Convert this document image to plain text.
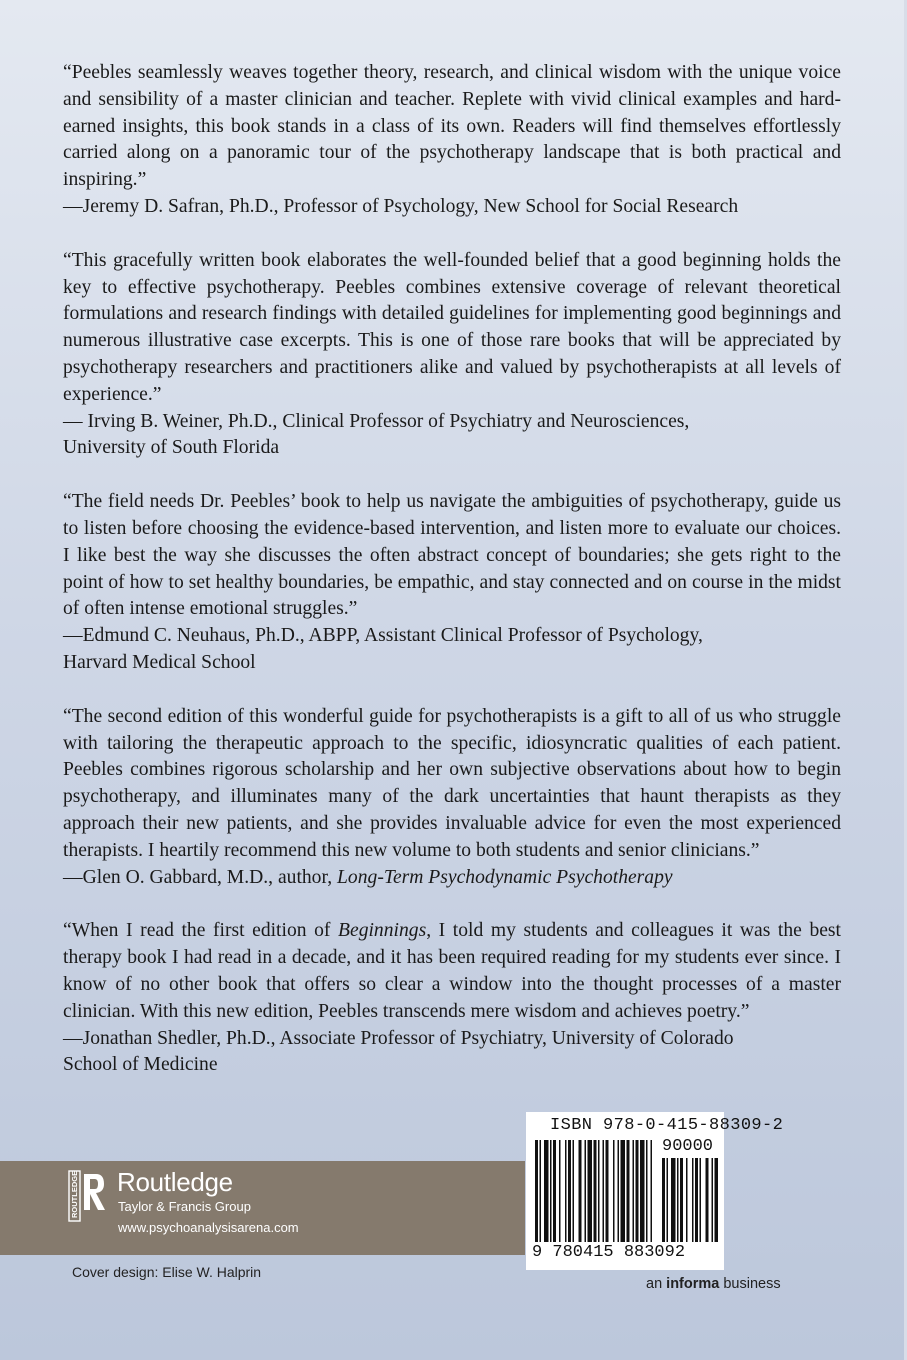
“Peebles seamlessly weaves together theory, research, and clinical wisdom with the unique voice and sensibility of a master clinician and teacher. Replete with vivid clinical examples and hard-earned insights, this book stands in a class of its own. Readers will find themselves effortlessly carried along on a panoramic tour of the psychotherapy landscape that is both practical and inspiring.”

—Jeremy D. Safran, Ph.D., Professor of Psychology, New School for Social Research

“This gracefully written book elaborates the well-founded belief that a good beginning holds the key to effective psychotherapy. Peebles combines extensive coverage of relevant theoretical formulations and research findings with detailed guidelines for implementing good beginnings and numerous illustrative case excerpts. This is one of those rare books that will be appreciated by psychotherapy researchers and practitioners alike and valued by psychotherapists at all levels of experience.”

— Irving B. Weiner, Ph.D., Clinical Professor of Psychiatry and Neurosciences,
University of South Florida

“The field needs Dr. Peebles’ book to help us navigate the ambiguities of psychotherapy, guide us to listen before choosing the evidence-based intervention, and listen more to evaluate our choices. I like best the way she discusses the often abstract concept of boundaries; she gets right to the point of how to set healthy boundaries, be empathic, and stay connected and on course in the midst of often intense emotional struggles.”

—Edmund C. Neuhaus, Ph.D., ABPP, Assistant Clinical Professor of Psychology,
Harvard Medical School

“The second edition of this wonderful guide for psychotherapists is a gift to all of us who struggle with tailoring the therapeutic approach to the specific, idiosyncratic qualities of each patient. Peebles combines rigorous scholarship and her own subjective observations about how to begin psychotherapy, and illuminates many of the dark uncertainties that haunt therapists as they approach their new patients, and she provides invaluable advice for even the most experienced therapists. I heartily recommend this new volume to both students and senior clinicians.”

—Glen O. Gabbard, M.D., author, Long-Term Psychodynamic Psychotherapy

“When I read the first edition of Beginnings, I told my students and colleagues it was the best therapy book I had read in a decade, and it has been required reading for my students ever since. I know of no other book that offers so clear a window into the thought processes of a master clinician. With this new edition, Peebles transcends mere wisdom and achieves poetry.”

—Jonathan Shedler, Ph.D., Associate Professor of Psychiatry, University of Colorado
School of Medicine
ROUTLEDGE Routledge
Taylor & Francis Group
www.psychoanalysisarena.com
Cover design: Elise W. Halprin
ISBN 978-0-415-88309-2
90000
9 780415 883092
an informa business
